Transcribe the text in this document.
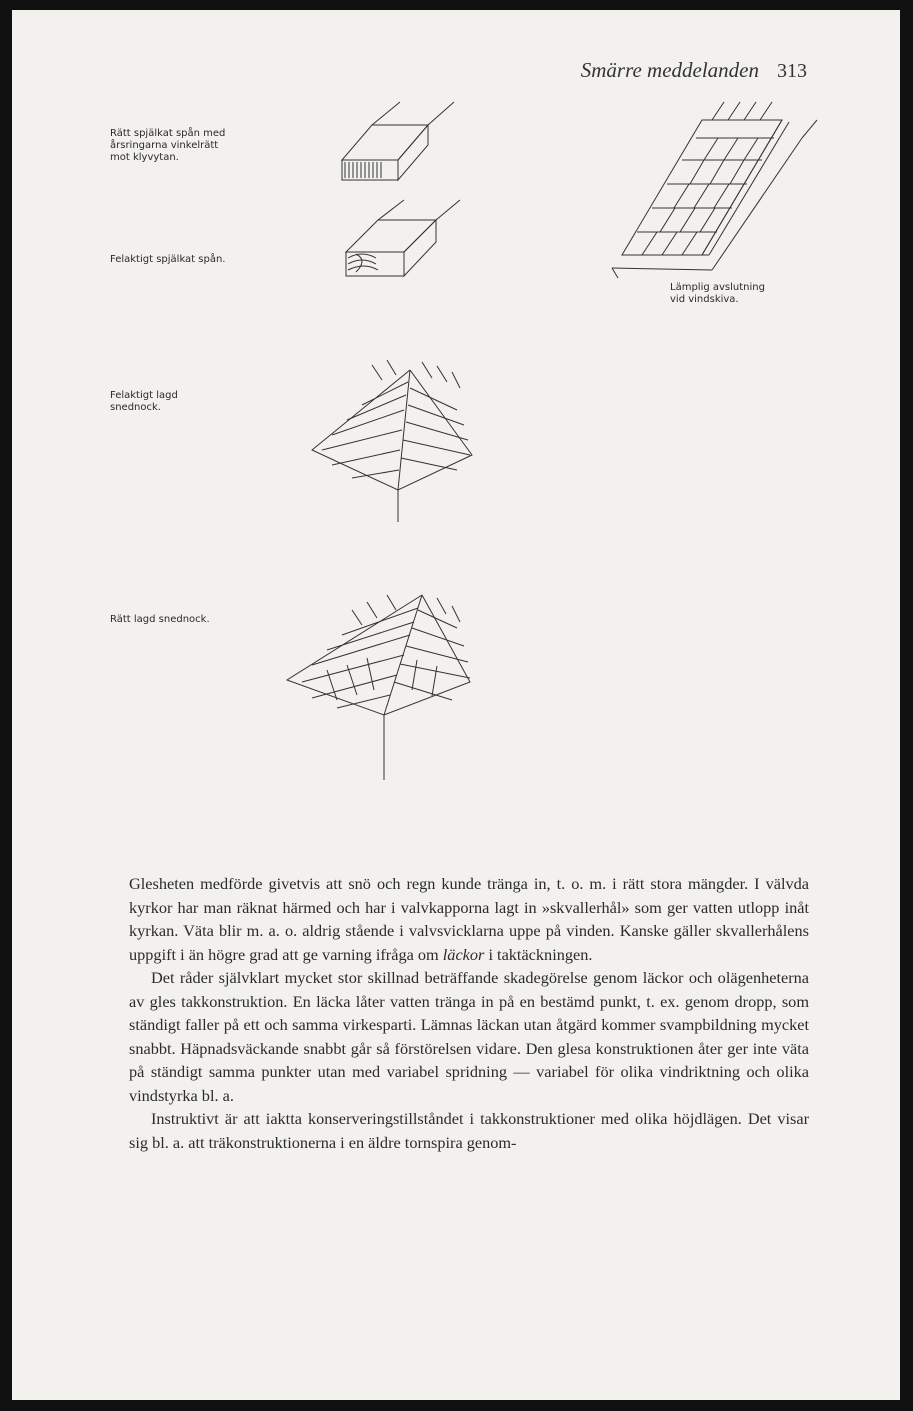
Smärre meddelanden 313
Rätt spjälkat spån med årsringarna vinkelrätt mot klyvytan.
Felaktigt spjälkat spån.
Lämplig avslutning vid vindskiva.
Felaktigt lagd snednock.
Rätt lagd snednock.

Glesheten medförde givetvis att snö och regn kunde tränga in, t. o. m. i rätt stora mängder. I välvda kyrkor har man räknat härmed och har i valvkapporna lagt in »skvallerhål» som ger vatten utlopp inåt kyrkan. Väta blir m. a. o. aldrig stående i valvsvicklarna uppe på vinden. Kanske gäller skvallerhålens uppgift i än högre grad att ge varning ifråga om läckor i taktäckningen.

Det råder självklart mycket stor skillnad beträffande skadegörelse genom läckor och olägenheterna av gles takkonstruktion. En läcka låter vatten tränga in på en bestämd punkt, t. ex. genom dropp, som ständigt faller på ett och samma virkesparti. Lämnas läckan utan åtgärd kommer svampbildning mycket snabbt. Häpnadsväckande snabbt går så förstörelsen vidare. Den glesa konstruktionen åter ger inte väta på ständigt samma punkter utan med variabel spridning — variabel för olika vindriktning och olika vindstyrka bl. a.

Instruktivt är att iaktta konserveringstillståndet i takkonstruktioner med olika höjdlägen. Det visar sig bl. a. att träkonstruktionerna i en äldre tornspira genom-
